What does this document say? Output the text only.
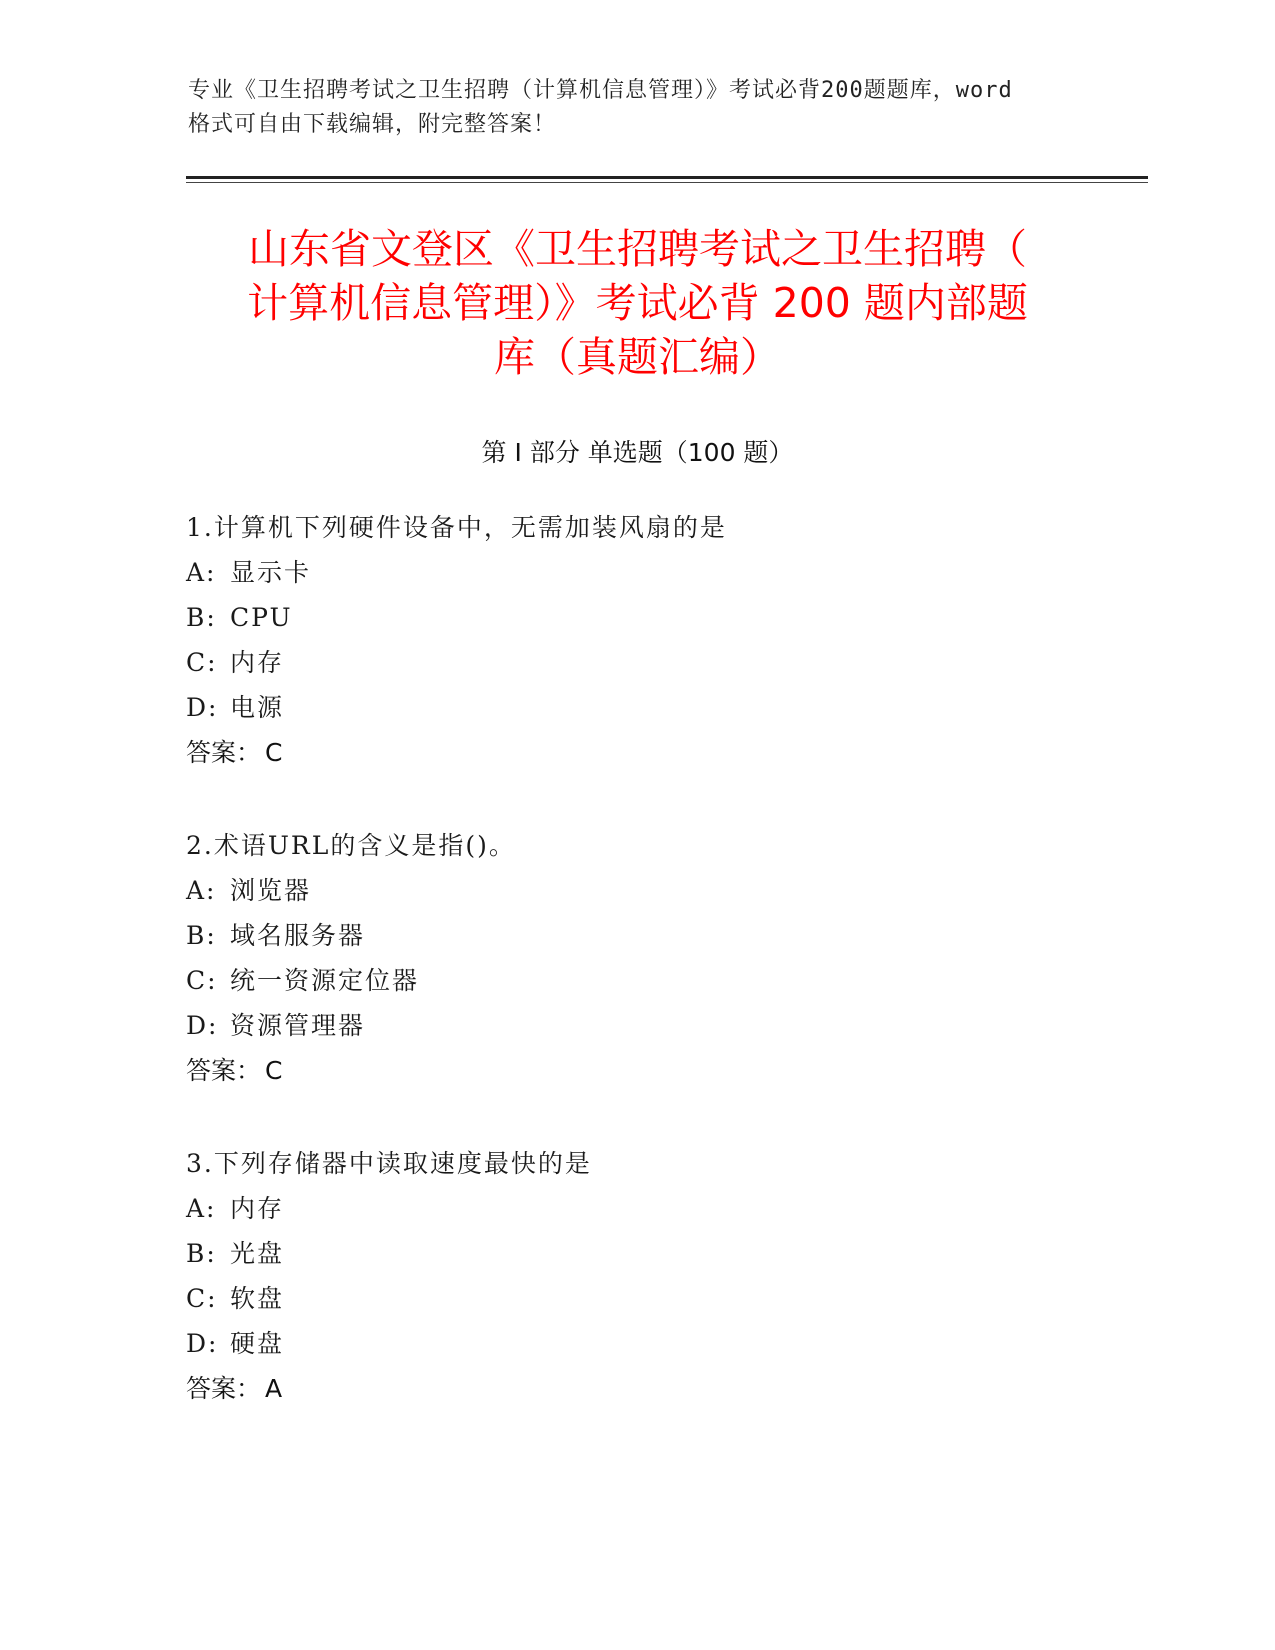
专业《卫生招聘考试之卫生招聘（计算机信息管理）》考试必背200题题库，word
格式可自由下载编辑，附完整答案！
山东省文登区《卫生招聘考试之卫生招聘（
计算机信息管理）》考试必背 200 题内部题
库（真题汇编）
第 I 部分 单选题（100 题）
1.计算机下列硬件设备中，无需加装风扇的是
A: 显示卡
B: CPU
C: 内存
D: 电源
答案： C
2.术语URL的含义是指()。
A: 浏览器
B: 域名服务器
C: 统一资源定位器
D: 资源管理器
答案： C
3.下列存储器中读取速度最快的是
A: 内存
B: 光盘
C: 软盘
D: 硬盘
答案： A
